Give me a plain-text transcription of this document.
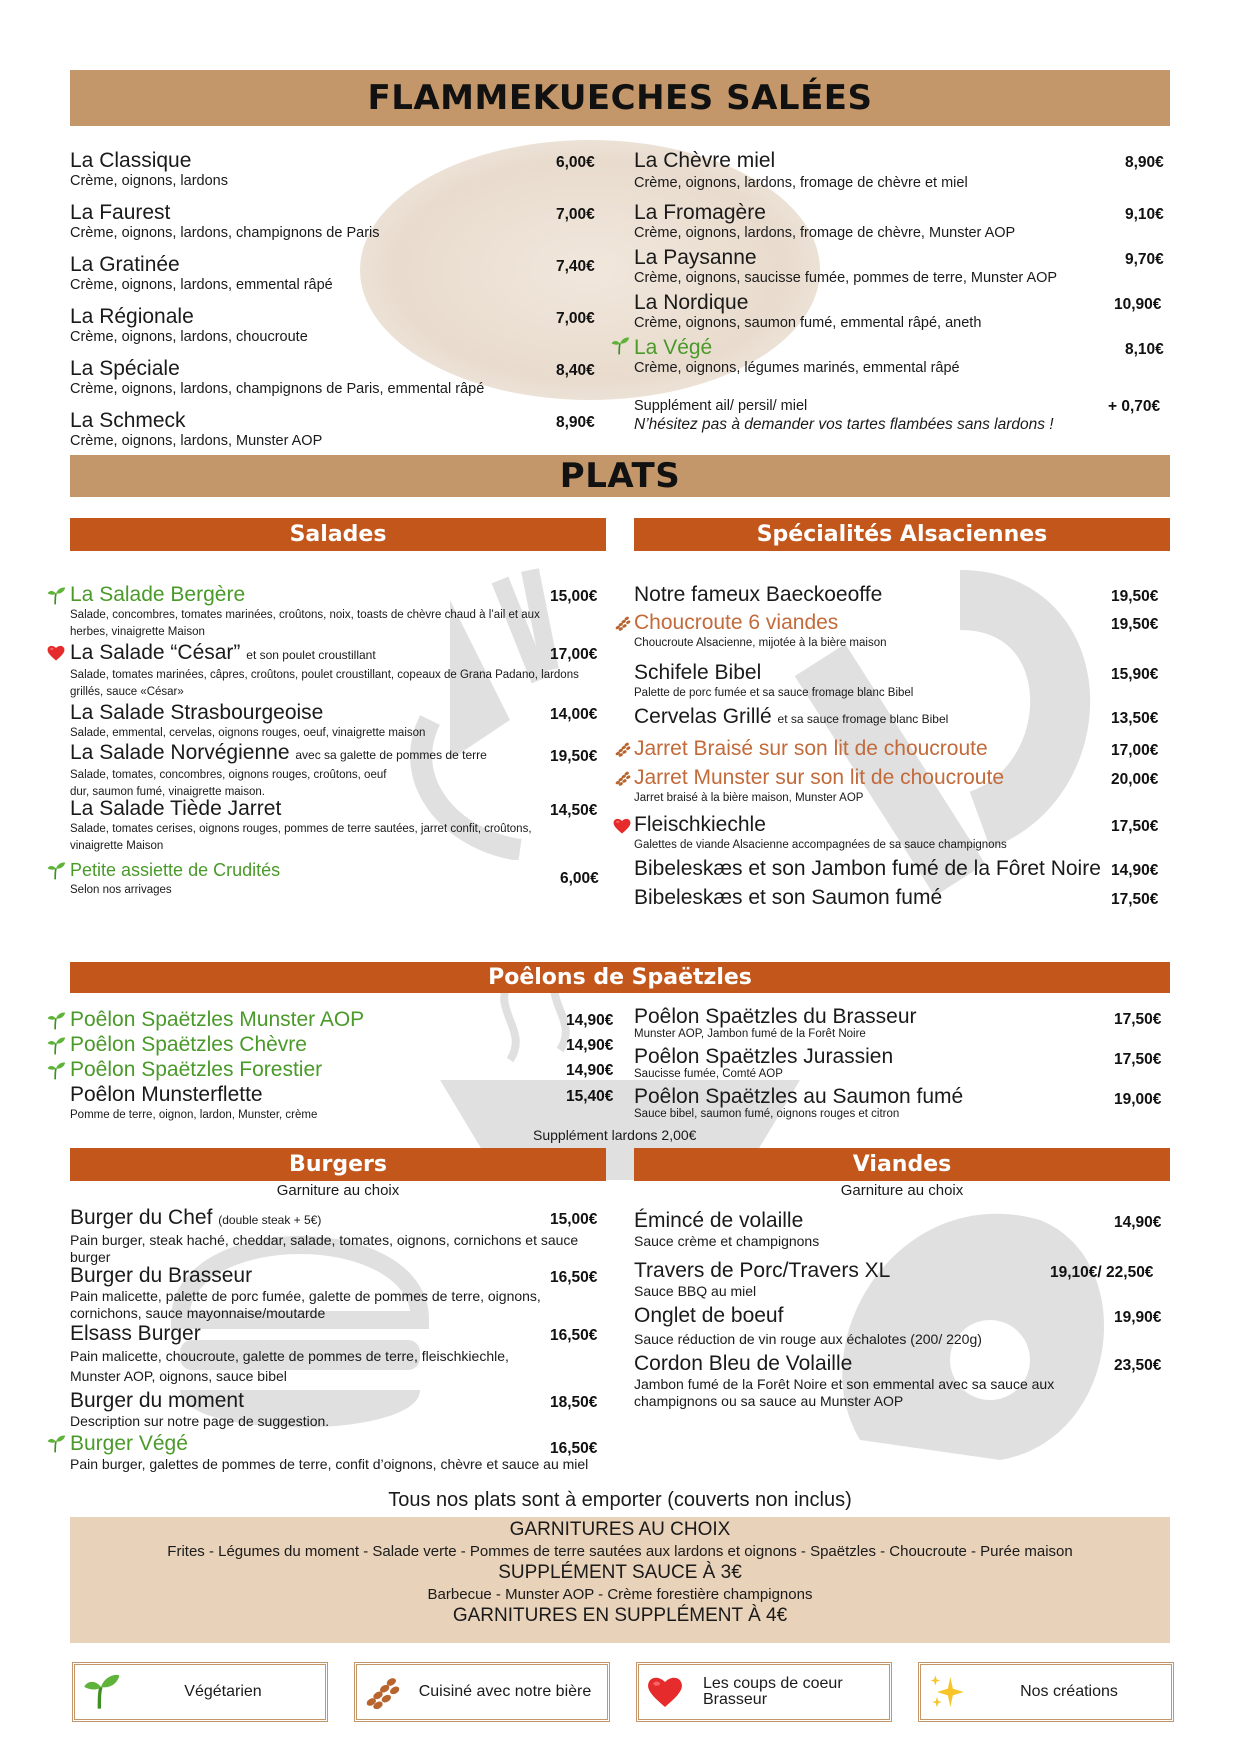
FLAMMEKUECHES SALÉES
La Classique
Crème, oignons, lardons
6,00€
La Faurest
Crème, oignons, lardons, champignons de Paris
7,00€
La Gratinée
Crème, oignons, lardons, emmental râpé
7,40€
La Régionale
Crème, oignons, lardons, choucroute
7,00€
La Spéciale
Crème, oignons, lardons, champignons de Paris, emmental râpé
8,40€
La Schmeck
Crème, oignons, lardons, Munster AOP
8,90€
La Chèvre miel
Crème, oignons, lardons, fromage de chèvre et miel
8,90€
La Fromagère
Crème, oignons, lardons, fromage de chèvre, Munster AOP
9,10€
La Paysanne
Crème, oignons, saucisse fumée, pommes de terre, Munster AOP
9,70€
La Nordique
Crème, oignons, saumon fumé, emmental râpé, aneth
10,90€
La Végé
Crème, oignons, légumes marinés, emmental râpé
8,10€
Supplément ail/ persil/ miel
N’hésitez pas à demander vos tartes flambées sans lardons !
+ 0,70€
PLATS
Salades
La Salade Bergère
Salade, concombres, tomates marinées, croûtons, noix, toasts de chèvre chaud à l’ail et aux herbes, vinaigrette Maison
15,00€
La Salade “César” et son poulet croustillant
Salade, tomates marinées, câpres, croûtons, poulet croustillant, copeaux de Grana Padano, lardons grillés, sauce «César»
17,00€
La Salade Strasbourgeoise
Salade, emmental, cervelas, oignons rouges, oeuf, vinaigrette maison
14,00€
La Salade Norvégienne avec sa galette de pommes de terre
Salade, tomates, concombres, oignons rouges, croûtons, oeuf dur, saumon fumé, vinaigrette maison.
19,50€
La Salade Tiède Jarret
Salade, tomates cerises, oignons rouges, pommes de terre sautées, jarret confit, croûtons, vinaigrette Maison
14,50€
Petite assiette de Crudités
Selon nos arrivages
6,00€
Spécialités Alsaciennes
Notre fameux Baeckoeoffe	19,50€
Choucroute 6 viandes
Choucroute Alsacienne, mijotée à la bière maison
19,50€
Schifele Bibel
Palette de porc fumée et sa sauce fromage blanc Bibel
15,90€
Cervelas Grillé et sa sauce fromage blanc Bibel	13,50€
Jarret Braisé sur son lit de choucroute	17,00€
Jarret Munster sur son lit de choucroute
Jarret braisé à la bière maison, Munster AOP
20,00€
Fleischkiechle
Galettes de viande Alsacienne accompagnées de sa sauce champignons
17,50€
Bibeleskæs et son Jambon fumé de la Fôret Noire 14,90€
Bibeleskæs et son Saumon fumé	17,50€
Poêlons de Spaëtzles
Poêlon Spaëtzles Munster AOP	14,90€
Poêlon Spaëtzles Chèvre	14,90€
Poêlon Spaëtzles Forestier	14,90€
Poêlon Munsterflette
Pomme de terre, oignon, lardon, Munster, crème
15,40€
Poêlon Spaëtzles du Brasseur
Munster AOP, Jambon fumé de la Forêt Noire
17,50€
Poêlon Spaëtzles Jurassien
Saucisse fumée, Comté AOP
17,50€
Poêlon Spaëtzles au Saumon fumé
Sauce bibel, saumon fumé, oignons rouges et citron
19,00€
Supplément lardons 2,00€
Burgers
Garniture au choix
Burger du Chef (double steak + 5€)
Pain burger, steak haché, cheddar, salade, tomates, oignons, cornichons et sauce burger
15,00€
Burger du Brasseur
Pain malicette, palette de porc fumée, galette de pommes de terre, oignons, cornichons, sauce mayonnaise/moutarde
16,50€
Elsass Burger
Pain malicette, choucroute, galette de pommes de terre, fleischkiechle, Munster AOP, oignons, sauce bibel
16,50€
Burger du moment
Description sur notre page de suggestion.
18,50€
Burger Végé
Pain burger, galettes de pommes de terre, confit d’oignons, chèvre et sauce au miel
16,50€
Viandes
Garniture au choix
Émincé de volaille
Sauce crème et champignons
14,90€
Travers de Porc/Travers XL
Sauce BBQ au miel
19,10€/ 22,50€
Onglet de boeuf
Sauce réduction de vin rouge aux échalotes (200/ 220g)
19,90€
Cordon Bleu de Volaille
Jambon fumé de la Forêt Noire et son emmental avec sa sauce aux champignons ou sa sauce au Munster AOP
23,50€
Tous nos plats sont à emporter (couverts non inclus)
GARNITURES AU CHOIX
Frites - Légumes du moment - Salade verte - Pommes de terre sautées aux lardons et oignons - Spaëtzles - Choucroute - Purée maison
SUPPLÉMENT SAUCE À 3€
Barbecue - Munster AOP - Crème forestière champignons
GARNITURES EN SUPPLÉMENT À 4€
Végétarien	Cuisiné avec notre bière	Les coups de coeur Brasseur	Nos créations
